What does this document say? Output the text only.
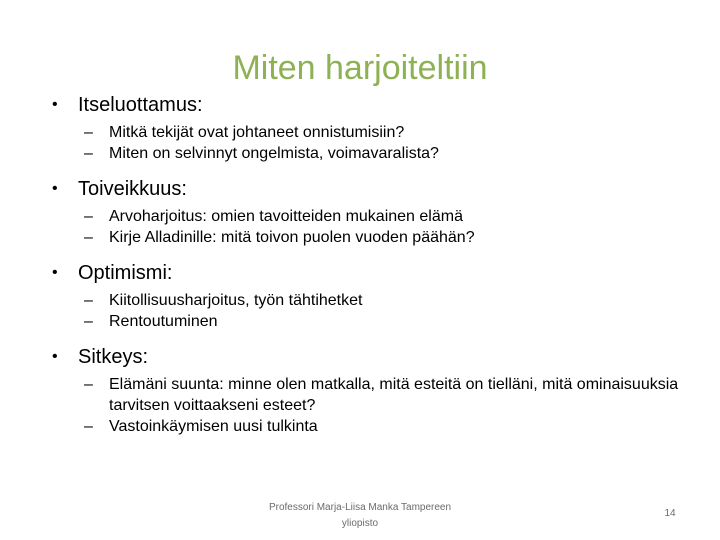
Miten harjoiteltiin
• Itseluottamus:
– Mitkä tekijät ovat johtaneet onnistumisiin?
– Miten on selvinnyt ongelmista, voimavaralista?
• Toiveikkuus:
– Arvoharjoitus: omien tavoitteiden mukainen elämä
– Kirje Alladinille: mitä toivon puolen vuoden päähän?
• Optimismi:
– Kiitollisuusharjoitus, työn tähtihetket
– Rentoutuminen
• Sitkeys:
– Elämäni suunta: minne olen matkalla, mitä esteitä on tielläni, mitä ominaisuuksia tarvitsen voittaakseni esteet?
– Vastoinkäymisen uusi tulkinta
Professori Marja-Liisa Manka Tampereen yliopisto
14
